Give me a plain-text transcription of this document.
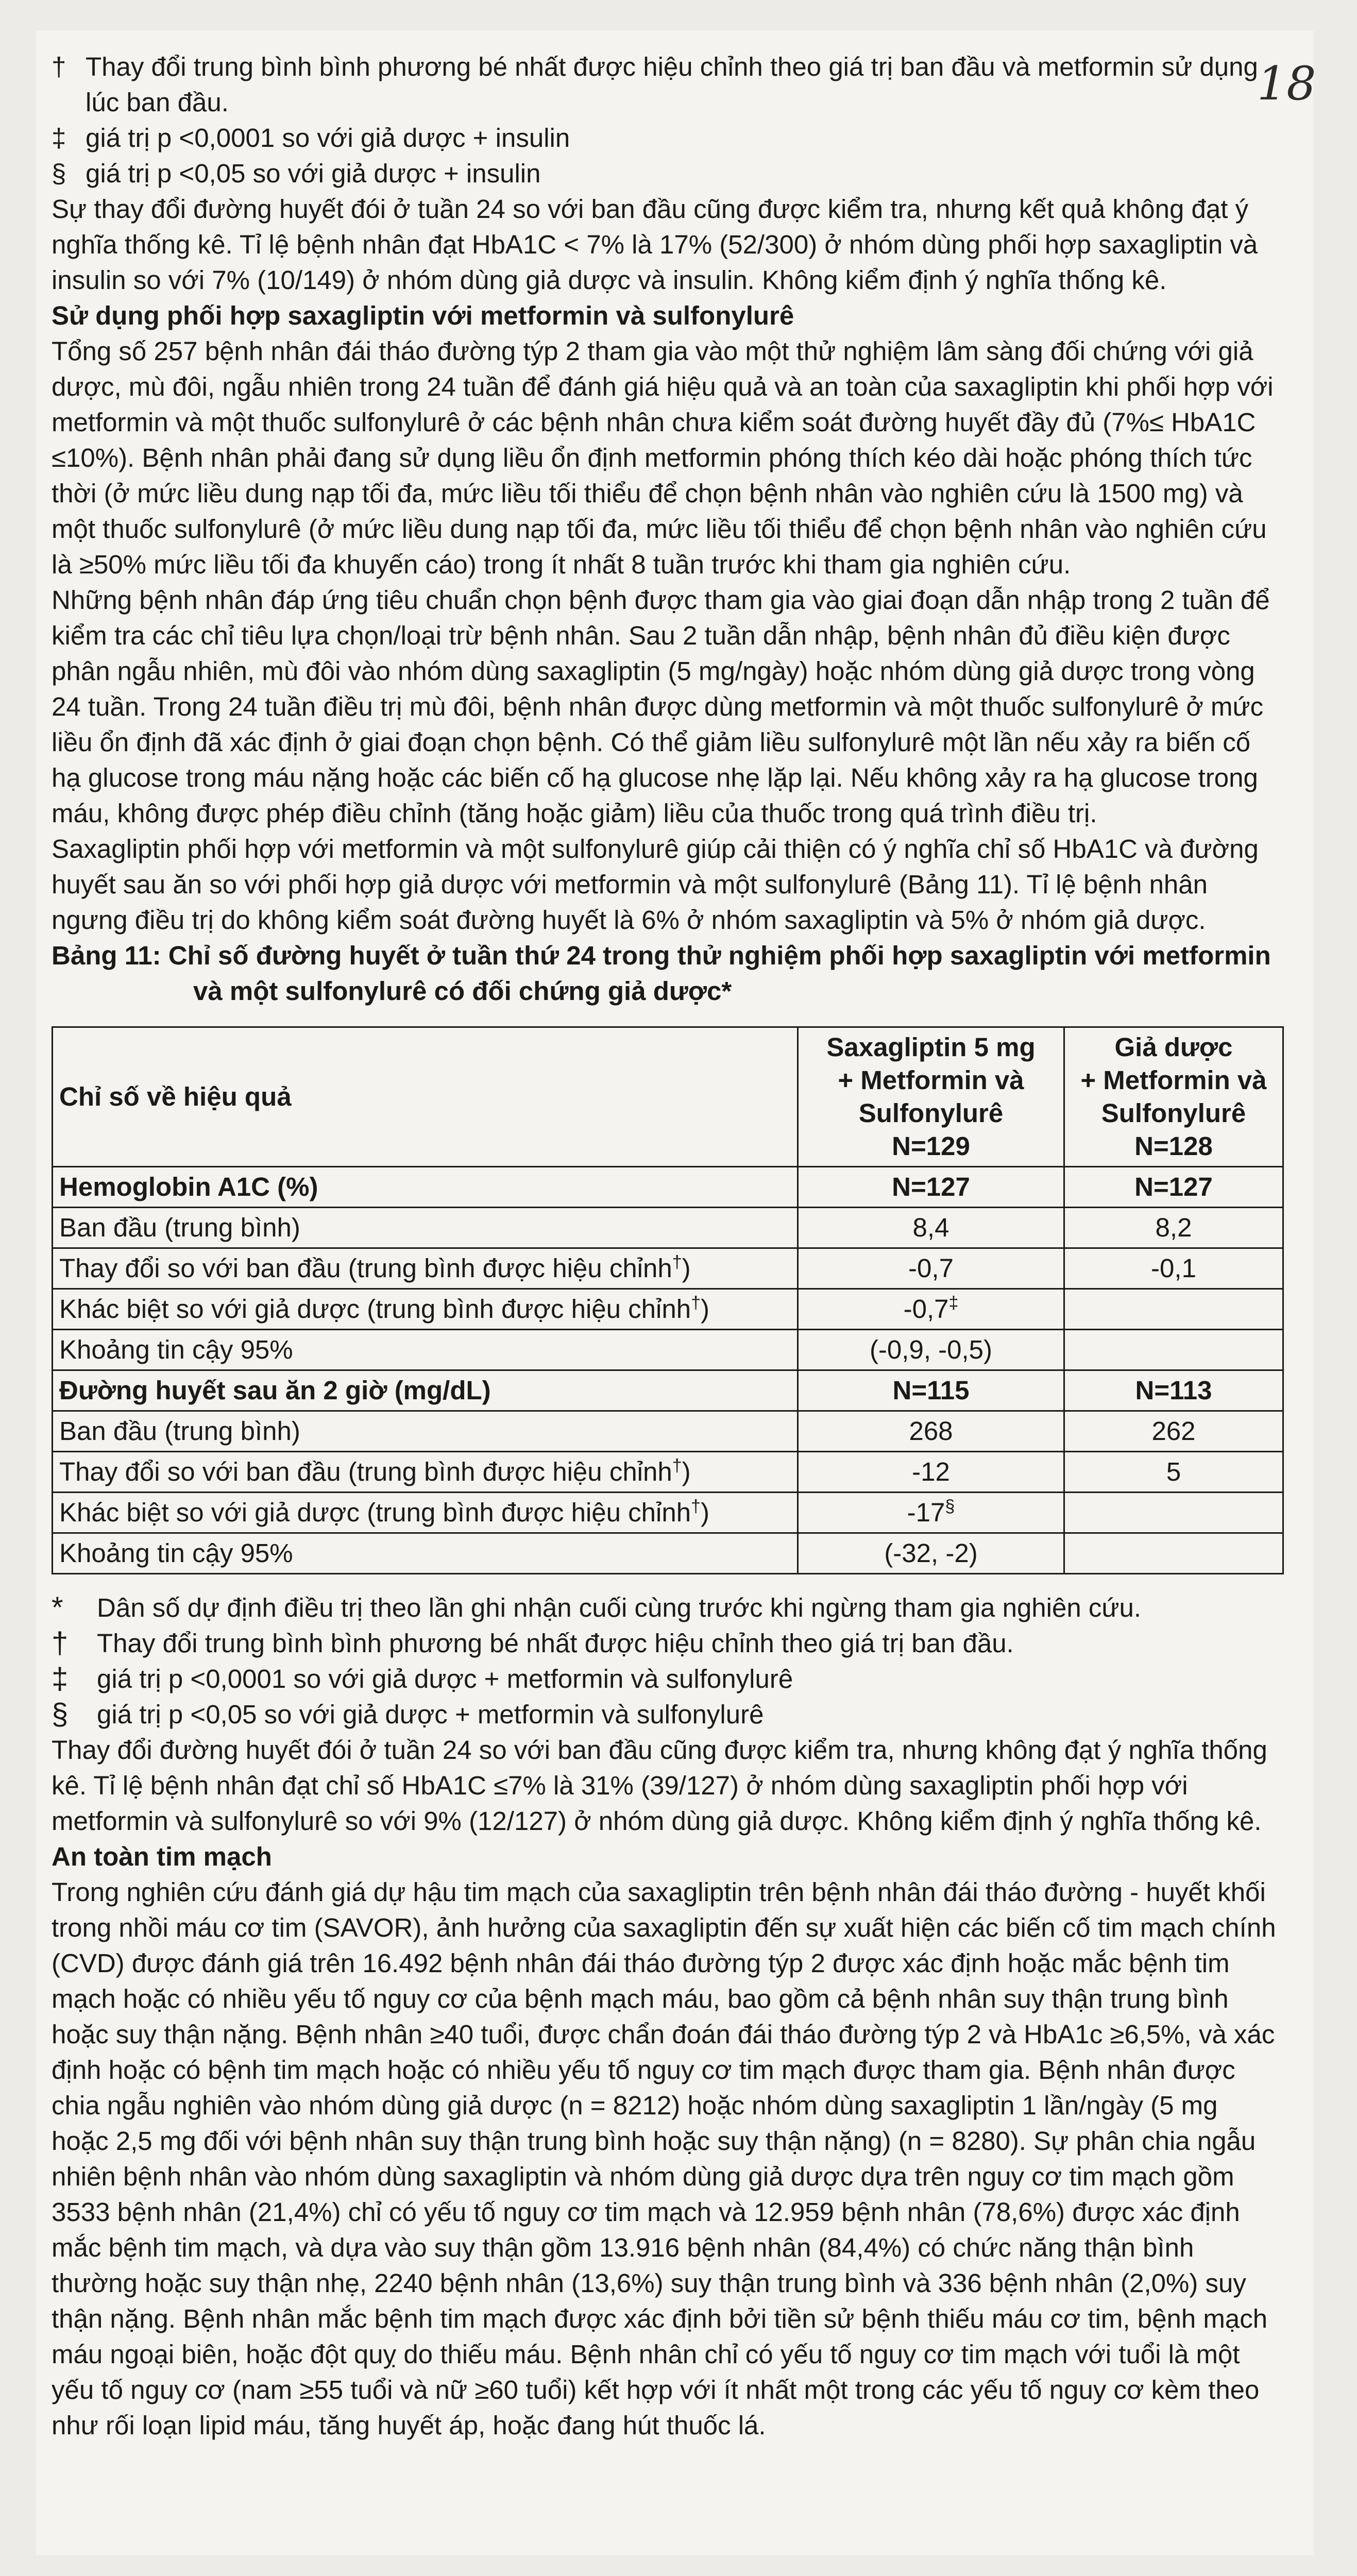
18

† Thay đổi trung bình bình phương bé nhất được hiệu chỉnh theo giá trị ban đầu và metformin sử dụng lúc ban đầu.

‡ giá trị p <0,0001 so với giả dược + insulin

§ giá trị p <0,05 so với giả dược + insulin

Sự thay đổi đường huyết đói ở tuần 24 so với ban đầu cũng được kiểm tra, nhưng kết quả không đạt ý nghĩa thống kê. Tỉ lệ bệnh nhân đạt HbA1C < 7% là 17% (52/300) ở nhóm dùng phối hợp saxagliptin và insulin so với 7% (10/149) ở nhóm dùng giả dược và insulin. Không kiểm định ý nghĩa thống kê.

Sử dụng phối hợp saxagliptin với metformin và sulfonylurê

Tổng số 257 bệnh nhân đái tháo đường týp 2 tham gia vào một thử nghiệm lâm sàng đối chứng với giả dược, mù đôi, ngẫu nhiên trong 24 tuần để đánh giá hiệu quả và an toàn của saxagliptin khi phối hợp với metformin và một thuốc sulfonylurê ở các bệnh nhân chưa kiểm soát đường huyết đầy đủ (7%≤ HbA1C ≤10%). Bệnh nhân phải đang sử dụng liều ổn định metformin phóng thích kéo dài hoặc phóng thích tức thời (ở mức liều dung nạp tối đa, mức liều tối thiểu để chọn bệnh nhân vào nghiên cứu là 1500 mg) và một thuốc sulfonylurê (ở mức liều dung nạp tối đa, mức liều tối thiểu để chọn bệnh nhân vào nghiên cứu là ≥50% mức liều tối đa khuyến cáo) trong ít nhất 8 tuần trước khi tham gia nghiên cứu.

Những bệnh nhân đáp ứng tiêu chuẩn chọn bệnh được tham gia vào giai đoạn dẫn nhập trong 2 tuần để kiểm tra các chỉ tiêu lựa chọn/loại trừ bệnh nhân. Sau 2 tuần dẫn nhập, bệnh nhân đủ điều kiện được phân ngẫu nhiên, mù đôi vào nhóm dùng saxagliptin (5 mg/ngày) hoặc nhóm dùng giả dược trong vòng 24 tuần. Trong 24 tuần điều trị mù đôi, bệnh nhân được dùng metformin và một thuốc sulfonylurê ở mức liều ổn định đã xác định ở giai đoạn chọn bệnh. Có thể giảm liều sulfonylurê một lần nếu xảy ra biến cố hạ glucose trong máu nặng hoặc các biến cố hạ glucose nhẹ lặp lại. Nếu không xảy ra hạ glucose trong máu, không được phép điều chỉnh (tăng hoặc giảm) liều của thuốc trong quá trình điều trị.

Saxagliptin phối hợp với metformin và một sulfonylurê giúp cải thiện có ý nghĩa chỉ số HbA1C và đường huyết sau ăn so với phối hợp giả dược với metformin và một sulfonylurê (Bảng 11). Tỉ lệ bệnh nhân ngưng điều trị do không kiểm soát đường huyết là 6% ở nhóm saxagliptin và 5% ở nhóm giả dược.

Bảng 11: Chỉ số đường huyết ở tuần thứ 24 trong thử nghiệm phối hợp saxagliptin với metformin và một sulfonylurê có đối chứng giả dược*

Chỉ số về hiệu quả	Saxagliptin 5 mg
+ Metformin và
Sulfonylurê
N=129	Giả dược
+ Metformin và
Sulfonylurê
N=128
Hemoglobin A1C (%)	N=127	N=127
Ban đầu (trung bình)	8,4	8,2
Thay đổi so với ban đầu (trung bình được hiệu chỉnh†)	-0,7	-0,1
Khác biệt so với giả dược (trung bình được hiệu chỉnh†)	-0,7‡	
Khoảng tin cậy 95%	(-0,9, -0,5)	
Đường huyết sau ăn 2 giờ (mg/dL)	N=115	N=113
Ban đầu (trung bình)	268	262
Thay đổi so với ban đầu (trung bình được hiệu chỉnh†)	-12	5
Khác biệt so với giả dược (trung bình được hiệu chỉnh†)	-17§	
Khoảng tin cậy 95%	(-32, -2)	

* Dân số dự định điều trị theo lần ghi nhận cuối cùng trước khi ngừng tham gia nghiên cứu.

† Thay đổi trung bình bình phương bé nhất được hiệu chỉnh theo giá trị ban đầu.

‡ giá trị p <0,0001 so với giả dược + metformin và sulfonylurê

§ giá trị p <0,05 so với giả dược + metformin và sulfonylurê

Thay đổi đường huyết đói ở tuần 24 so với ban đầu cũng được kiểm tra, nhưng không đạt ý nghĩa thống kê. Tỉ lệ bệnh nhân đạt chỉ số HbA1C ≤7% là 31% (39/127) ở nhóm dùng saxagliptin phối hợp với metformin và sulfonylurê so với 9% (12/127) ở nhóm dùng giả dược. Không kiểm định ý nghĩa thống kê.

An toàn tim mạch

Trong nghiên cứu đánh giá dự hậu tim mạch của saxagliptin trên bệnh nhân đái tháo đường - huyết khối trong nhồi máu cơ tim (SAVOR), ảnh hưởng của saxagliptin đến sự xuất hiện các biến cố tim mạch chính (CVD) được đánh giá trên 16.492 bệnh nhân đái tháo đường týp 2 được xác định hoặc mắc bệnh tim mạch hoặc có nhiều yếu tố nguy cơ của bệnh mạch máu, bao gồm cả bệnh nhân suy thận trung bình hoặc suy thận nặng. Bệnh nhân ≥40 tuổi, được chẩn đoán đái tháo đường týp 2 và HbA1c ≥6,5%, và xác định hoặc có bệnh tim mạch hoặc có nhiều yếu tố nguy cơ tim mạch được tham gia. Bệnh nhân được chia ngẫu nghiên vào nhóm dùng giả dược (n = 8212) hoặc nhóm dùng saxagliptin 1 lần/ngày (5 mg hoặc 2,5 mg đối với bệnh nhân suy thận trung bình hoặc suy thận nặng) (n = 8280). Sự phân chia ngẫu nhiên bệnh nhân vào nhóm dùng saxagliptin và nhóm dùng giả dược dựa trên nguy cơ tim mạch gồm 3533 bệnh nhân (21,4%) chỉ có yếu tố nguy cơ tim mạch và 12.959 bệnh nhân (78,6%) được xác định mắc bệnh tim mạch, và dựa vào suy thận gồm 13.916 bệnh nhân (84,4%) có chức năng thận bình thường hoặc suy thận nhẹ, 2240 bệnh nhân (13,6%) suy thận trung bình và 336 bệnh nhân (2,0%) suy thận nặng. Bệnh nhân mắc bệnh tim mạch được xác định bởi tiền sử bệnh thiếu máu cơ tim, bệnh mạch máu ngoại biên, hoặc đột quỵ do thiếu máu. Bệnh nhân chỉ có yếu tố nguy cơ tim mạch với tuổi là một yếu tố nguy cơ (nam ≥55 tuổi và nữ ≥60 tuổi) kết hợp với ít nhất một trong các yếu tố nguy cơ kèm theo như rối loạn lipid máu, tăng huyết áp, hoặc đang hút thuốc lá.
